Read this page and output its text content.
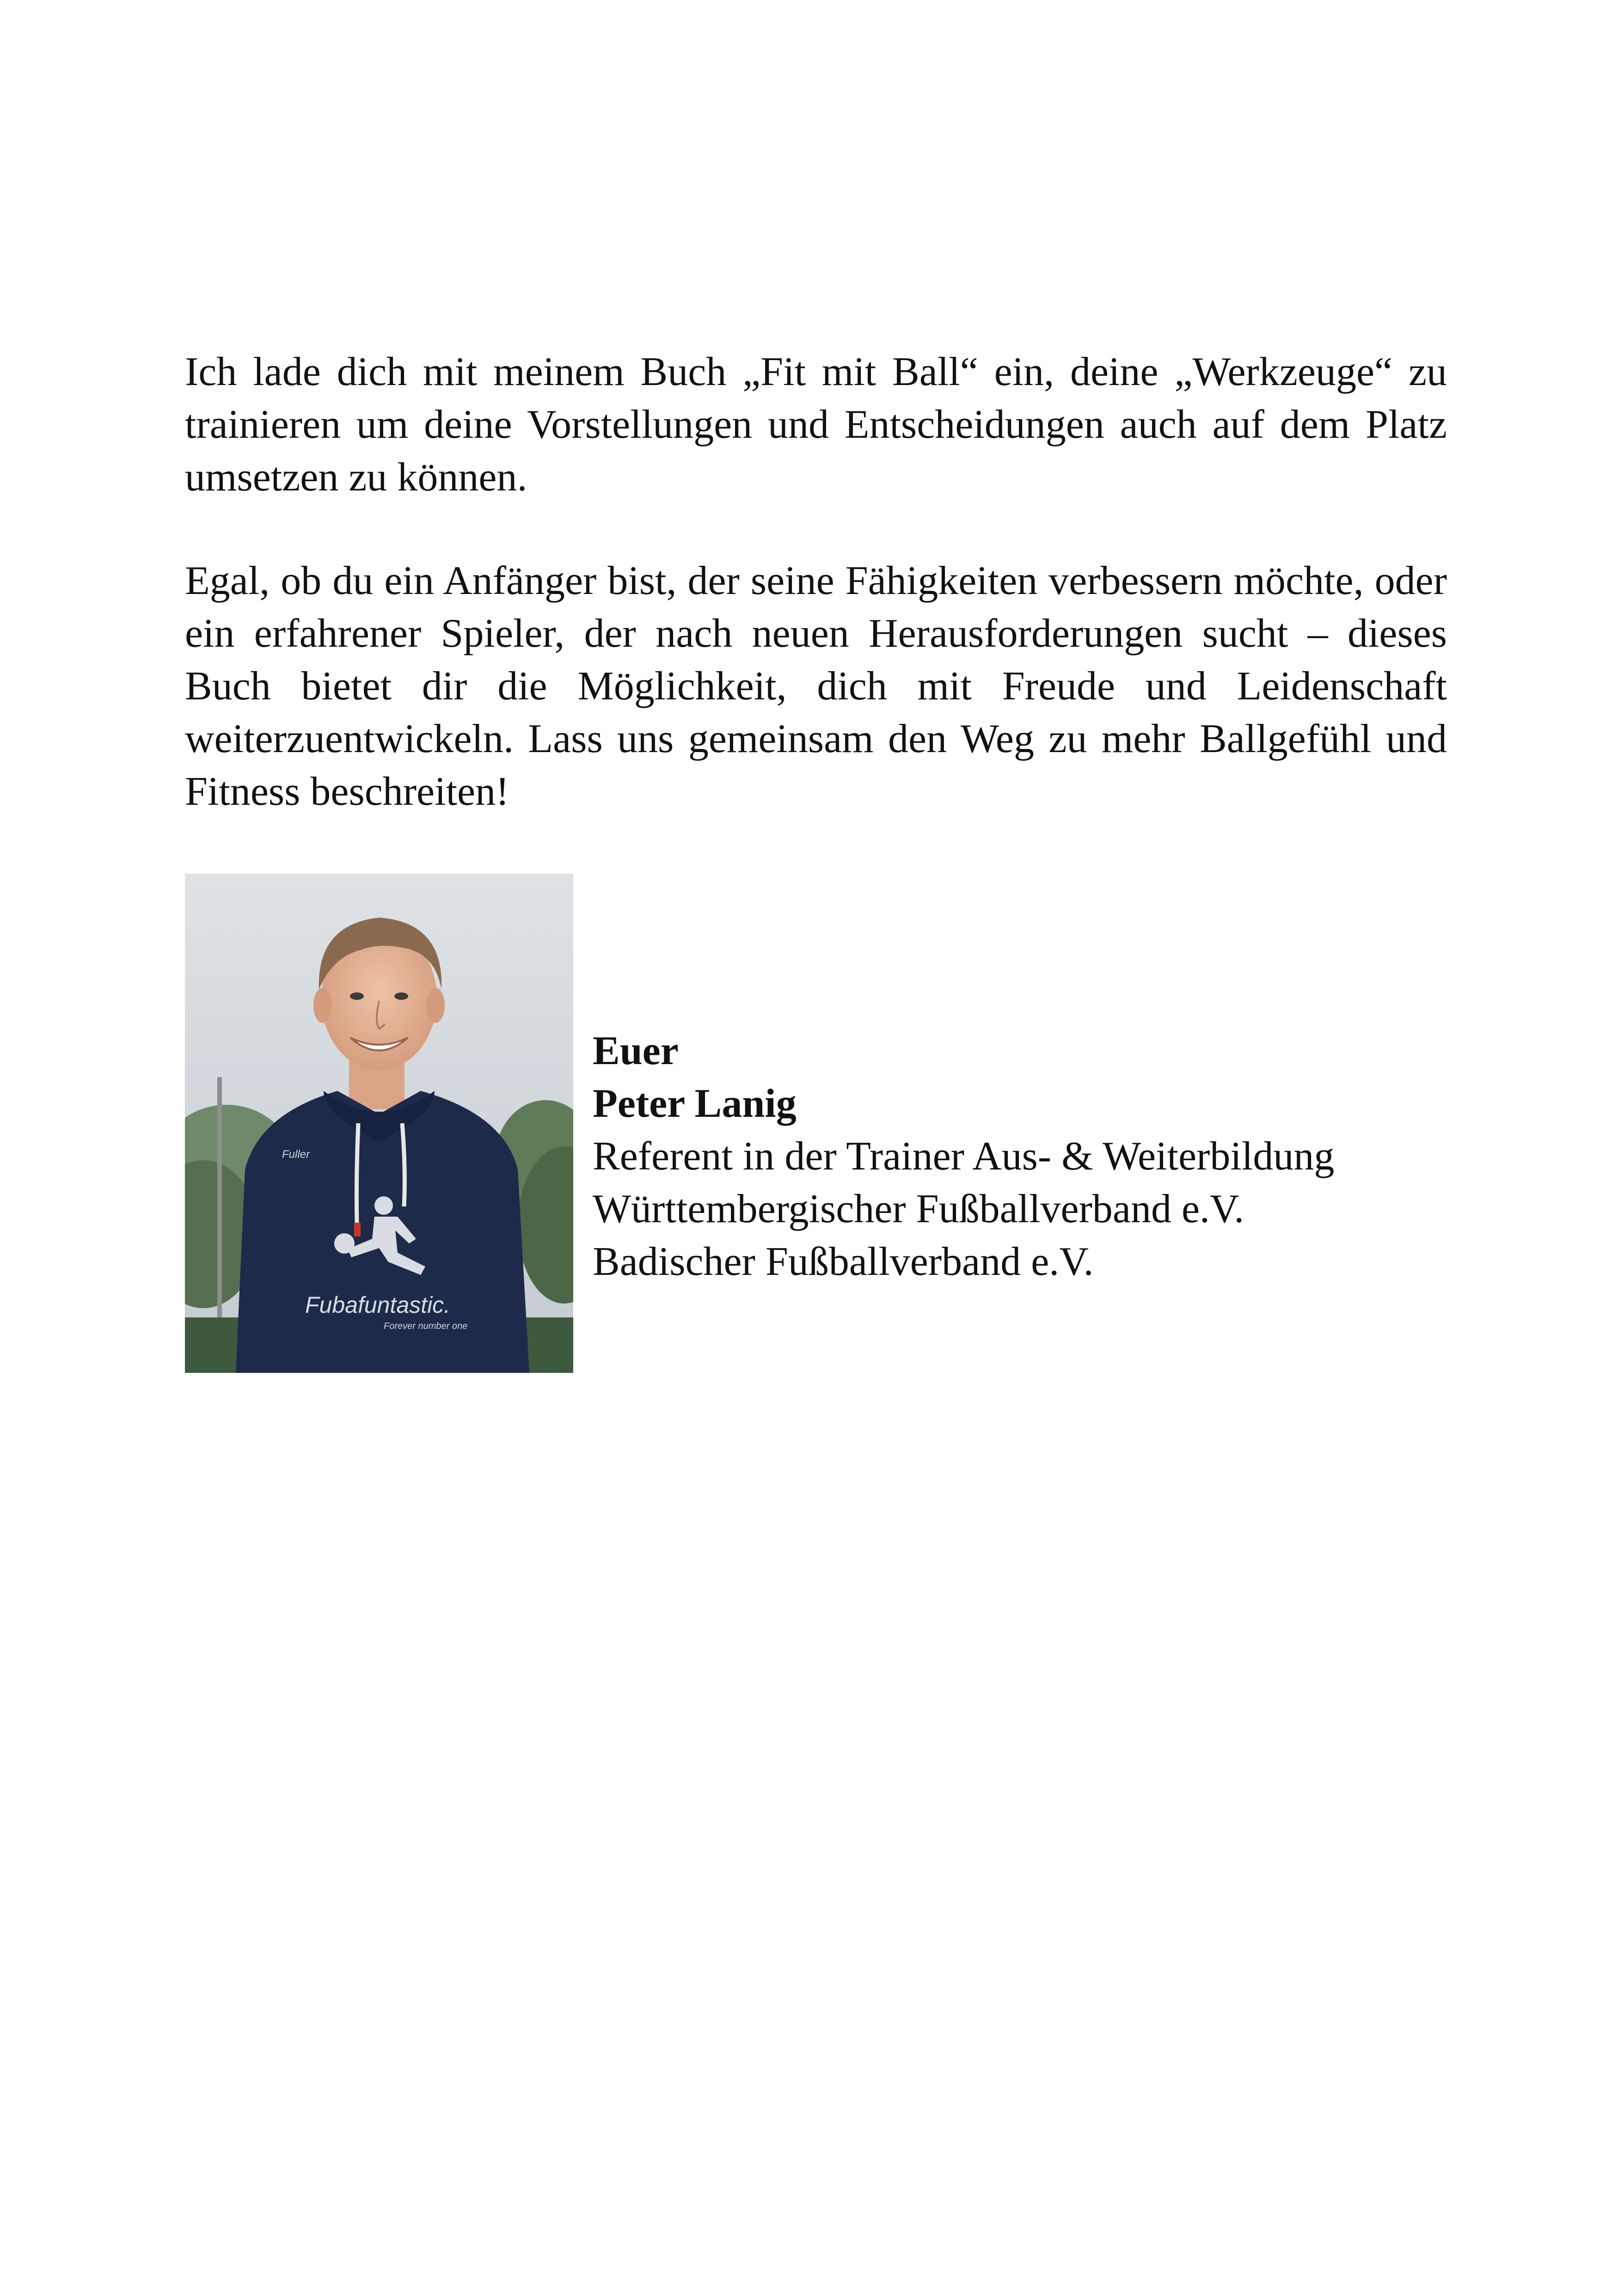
Ich lade dich mit meinem Buch „Fit mit Ball“ ein, deine „Werkzeuge“ zu trainieren um deine Vorstellungen und Entscheidungen auch auf dem Platz umsetzen zu können.

Egal, ob du ein Anfänger bist, der seine Fähigkeiten verbessern möchte, oder ein erfahrener Spieler, der nach neuen Herausforderungen sucht – dieses Buch bietet dir die Möglichkeit, dich mit Freude und Leidenschaft weiterzuentwickeln. Lass uns gemeinsam den Weg zu mehr Ballgefühl und Fitness beschreiten!

Fuller
Fubafuntastic.
Forever number one
Euer
Peter Lanig
Referent in der Trainer Aus- & Weiterbildung
Württembergischer Fußballverband e.V.
Badischer Fußballverband e.V.
